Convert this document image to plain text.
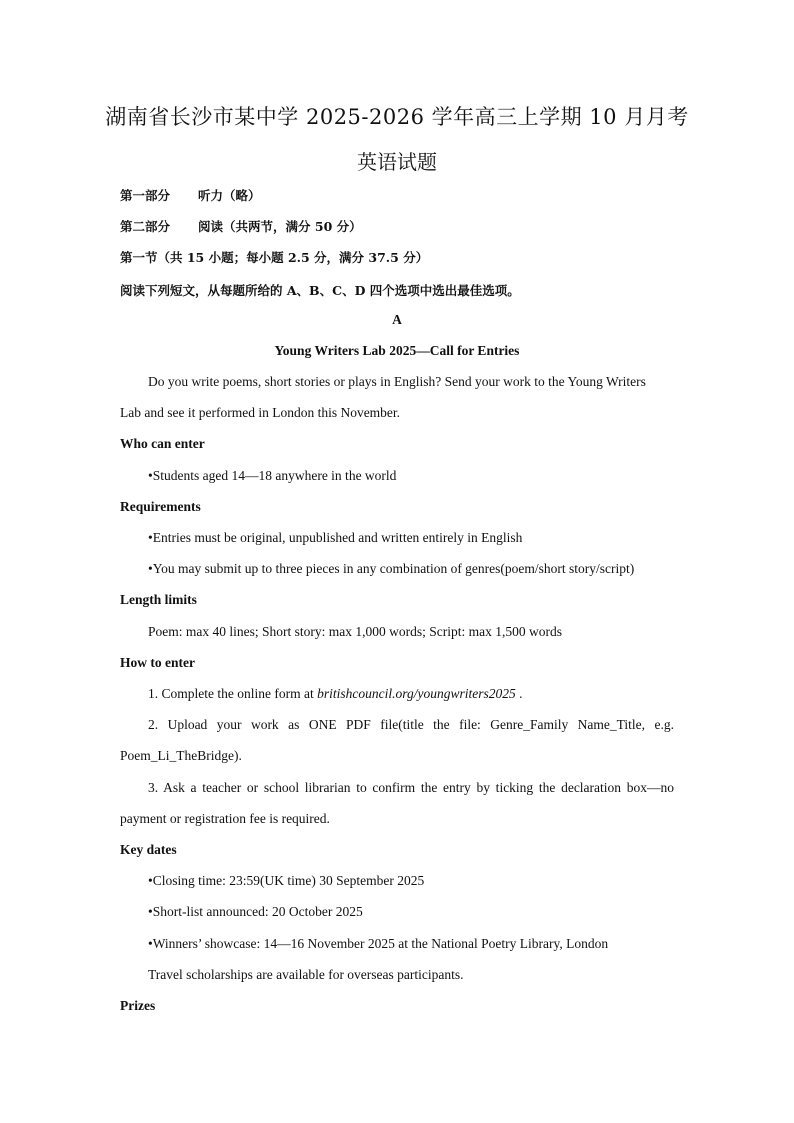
湖南省长沙市某中学 2025-2026 学年高三上学期 10 月月考
英语试题
第一部分 听力（略）
第二部分 阅读（共两节，满分 50 分）
第一节（共 15 小题；每小题 2.5 分，满分 37.5 分）
阅读下列短文，从每题所给的 A、B、C、D 四个选项中选出最佳选项。
A
Young Writers Lab 2025—Call for Entries
Do you write poems, short stories or plays in English? Send your work to the Young Writers
Lab and see it performed in London this November.
Who can enter
•Students aged 14—18 anywhere in the world
Requirements
•Entries must be original, unpublished and written entirely in English
•You may submit up to three pieces in any combination of genres(poem/short story/script)
Length limits
Poem: max 40 lines; Short story: max 1,000 words; Script: max 1,500 words
How to enter
1. Complete the online form at britishcouncil.org/youngwriters2025 .
2. Upload your work as ONE PDF file(title the file: Genre_Family Name_Title, e.g.
Poem_Li_TheBridge).
3. Ask a teacher or school librarian to confirm the entry by ticking the declaration box—no
payment or registration fee is required.
Key dates
•Closing time: 23:59(UK time) 30 September 2025
•Short-list announced: 20 October 2025
•Winners’ showcase: 14—16 November 2025 at the National Poetry Library, London
Travel scholarships are available for overseas participants.
Prizes
